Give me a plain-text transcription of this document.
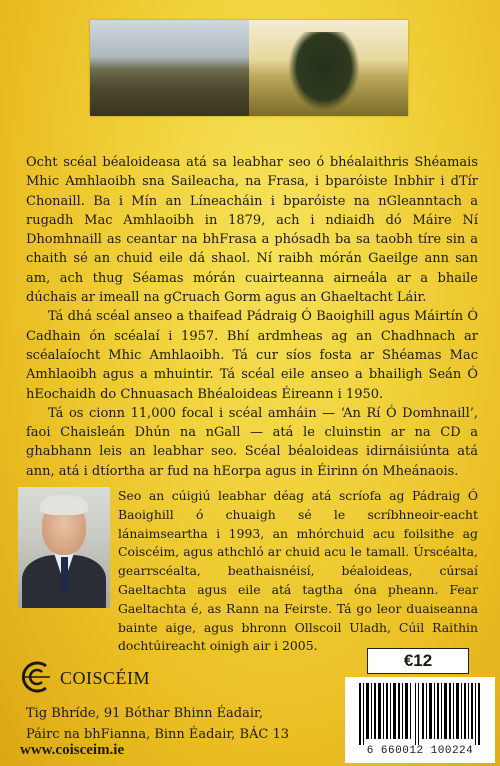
Ocht scéal béaloideasa atá sa leabhar seo ó bhéalaithris Shéamais Mhic Amhlaoibh sna Saileacha, na Frasa, i bparóiste Inbhir i dTír Chonaill. Ba i Mín an Líneacháin i bparóiste na nGleanntach a rugadh Mac Amhlaoibh in 1879, ach i ndiaidh dó Máire Ní Dhomhnaill as ceantar na bhFrasa a phósadh ba sa taobh tíre sin a chaith sé an chuid eile dá shaol. Ní raibh mórán Gaeilge ann san am, ach thug Séamas mórán cuairteanna airneála ar a bhaile dúchais ar imeall na gCruach Gorm agus an Ghaeltacht Láir.

Tá dhá scéal anseo a thaifead Pádraig Ó Baoighill agus Máirtín Ó Cadhain ón scéalaí i 1957. Bhí ardmheas ag an Chadhnach ar scéalaíocht Mhic Amhlaoibh. Tá cur síos fosta ar Shéamas Mac Amhlaoibh agus a mhuintir. Tá scéal eile anseo a bhailigh Seán Ó hEochaidh do Chnuasach Bhéaloideas Éireann i 1950.

Tá os cionn 11,000 focal i scéal amháin — ‘An Rí Ó Domhnaill’, faoi Chaisleán Dhún na nGall — atá le cluinstin ar na CD a ghabhann leis an leabhar seo. Scéal béaloideas idirnáisiúnta atá ann, atá i dtíortha ar fud na hEorpa agus in Éirinn ón Mheánaois.

Seo an cúigiú leabhar déag atá scríofa ag Pádraig Ó Baoighill ó chuaigh sé le scríbhneoir-eacht lánaimseartha i 1993, an mhórchuid acu foilsithe ag Coiscéim, agus athchló ar chuid acu le tamall. Úrscéalta, gearrscéalta, beathaisnéisí, béaloideas, cúrsaí Gaeltachta agus eile atá tagtha óna pheann. Fear Gaeltachta é, as Rann na Feirste. Tá go leor duaiseanna bainte aige, agus bhronn Ollscoil Uladh, Cúil Raithin dochtúireacht oinigh air i 2005.

COISCÉIM
Tig Bhríde, 91 Bóthar Bhinn Éadair,
Páirc na bhFianna, Binn Éadair, BÁC 13
www.coisceim.ie
€12
6 660012 100224
